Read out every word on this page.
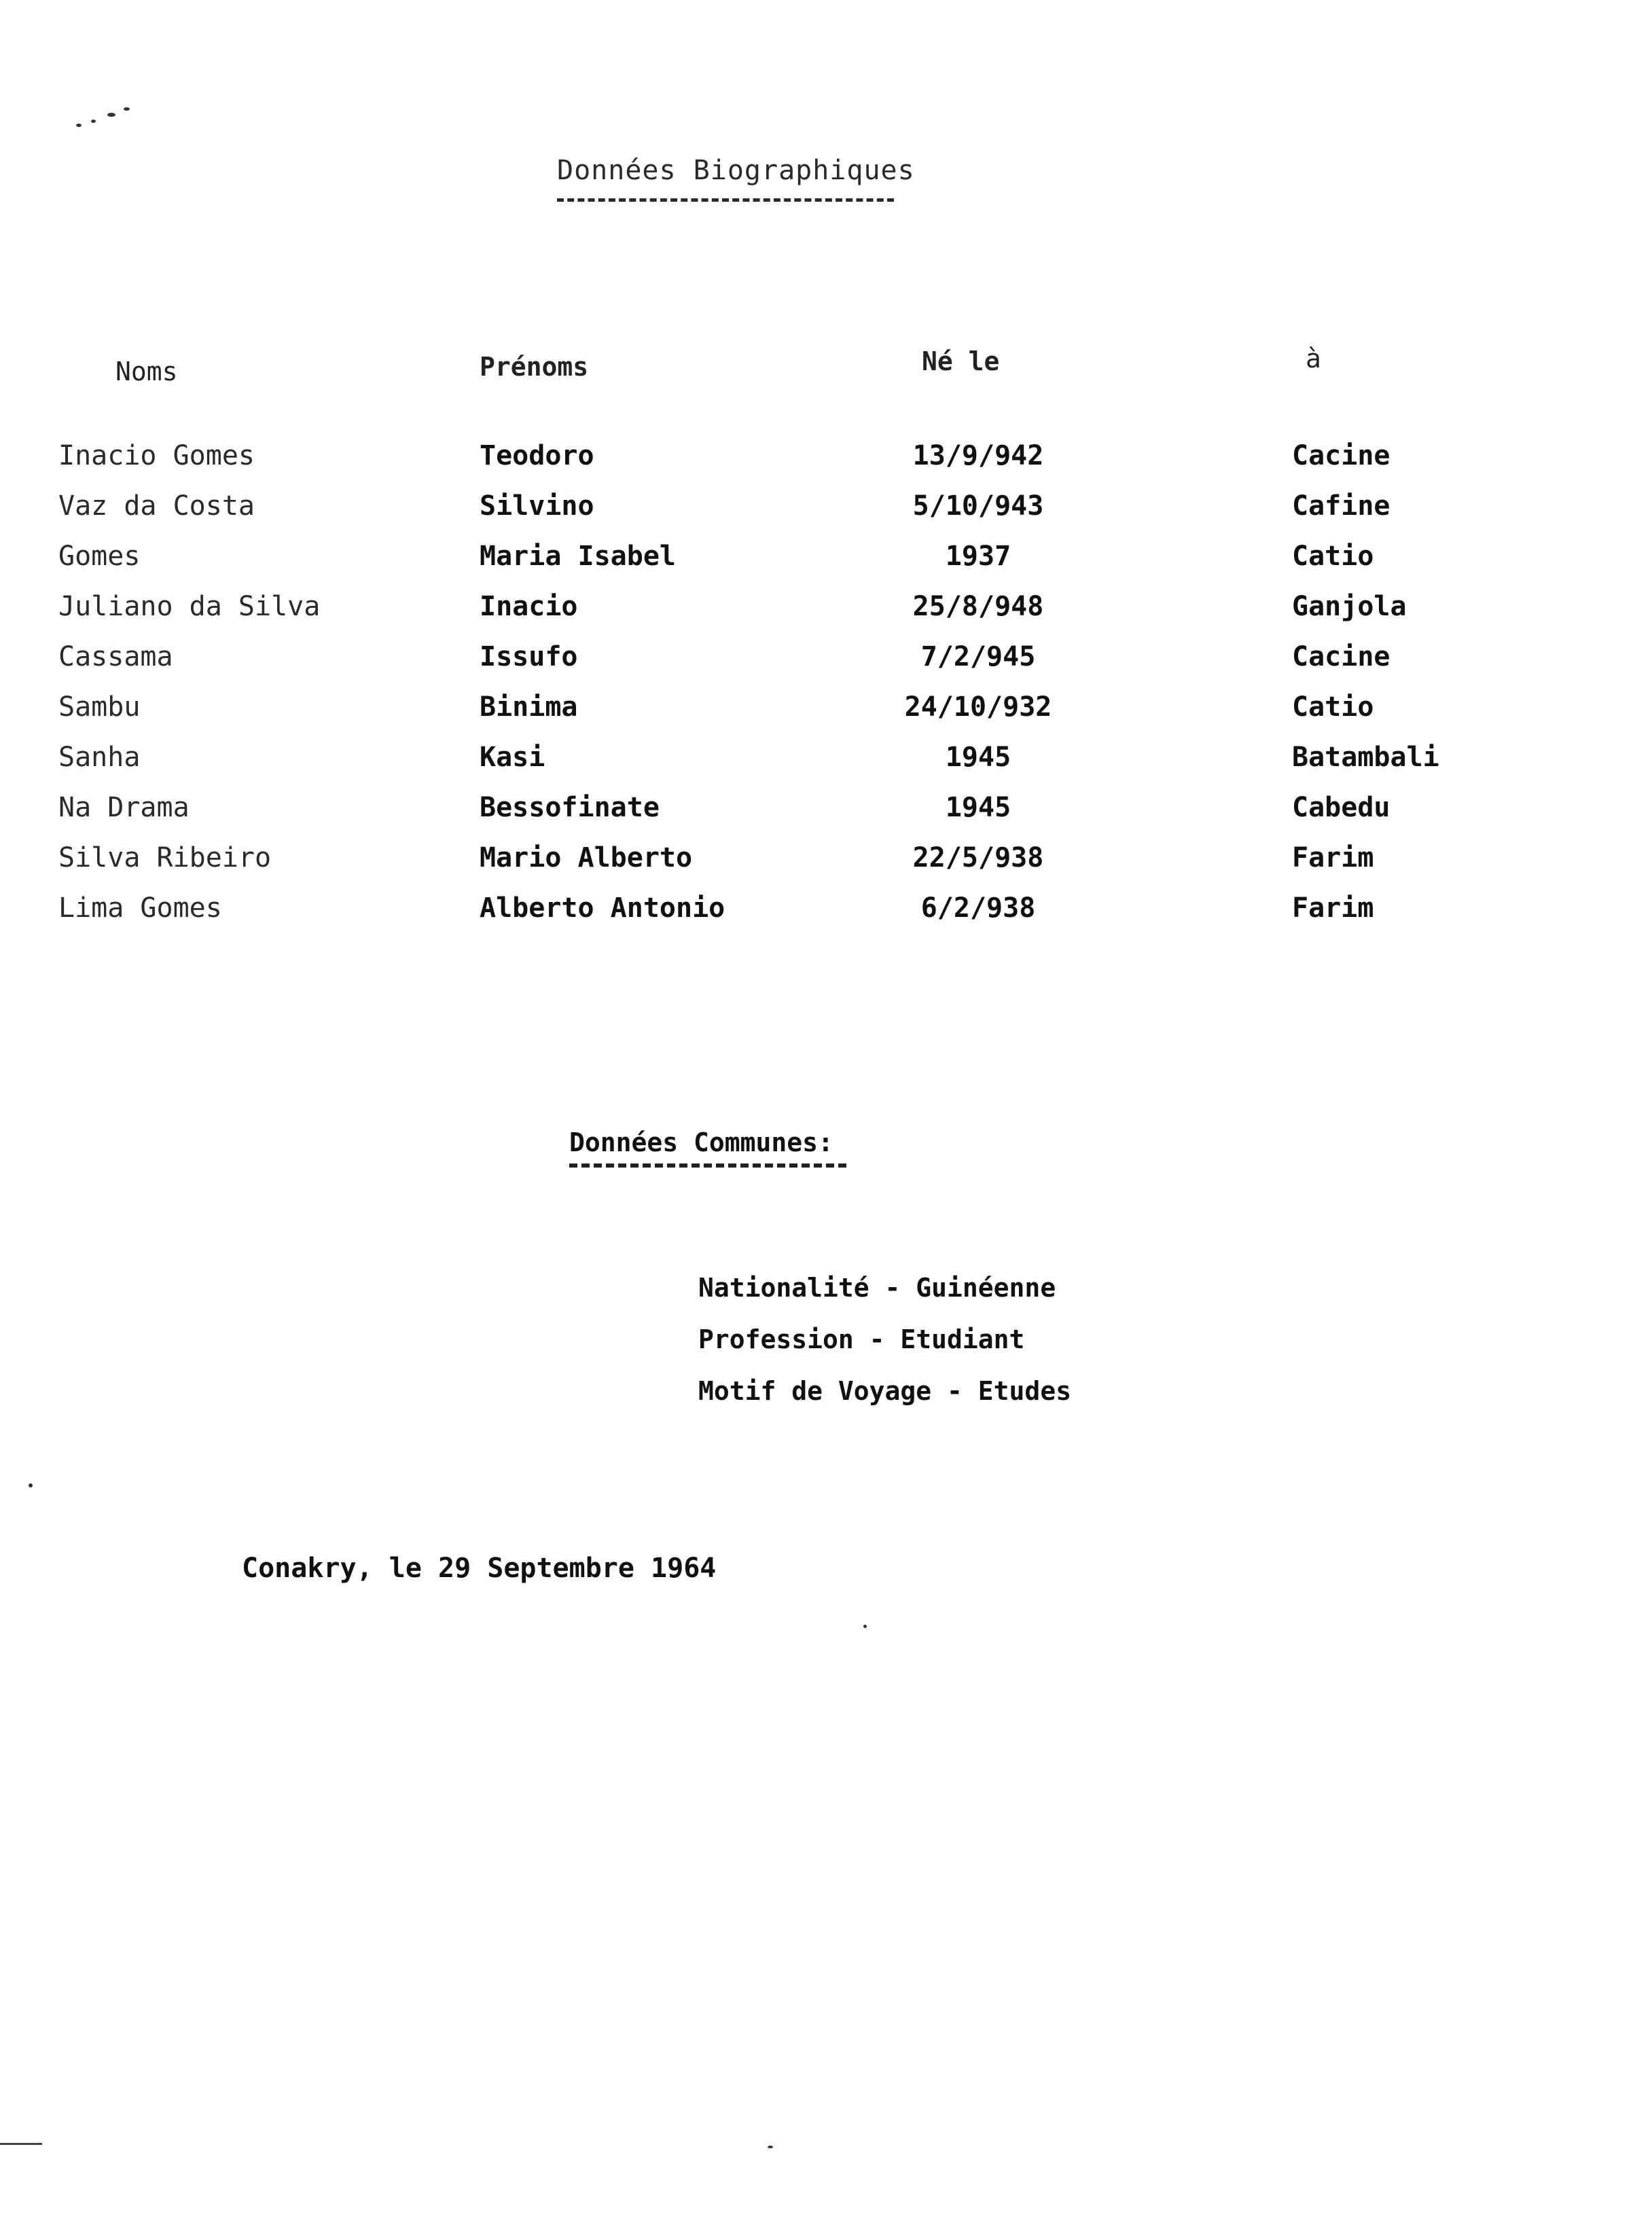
Données Biographiques
Noms	Prénoms	Né le	à
Inacio Gomes	Teodoro	13/9/942	Cacine
Vaz da Costa	Silvino	5/10/943	Cafine
Gomes	Maria Isabel	1937	Catio
Juliano da Silva	Inacio	25/8/948	Ganjola
Cassama	Issufo	7/2/945	Cacine
Sambu	Binima	24/10/932	Catio
Sanha	Kasi	1945	Batambali
Na Drama	Bessofinate	1945	Cabedu
Silva Ribeiro	Mario Alberto	22/5/938	Farim
Lima Gomes	Alberto Antonio	6/2/938	Farim
Données Communes:
Nationalité - Guinéenne
Profession - Etudiant
Motif de Voyage - Etudes
Conakry, le 29 Septembre 1964
